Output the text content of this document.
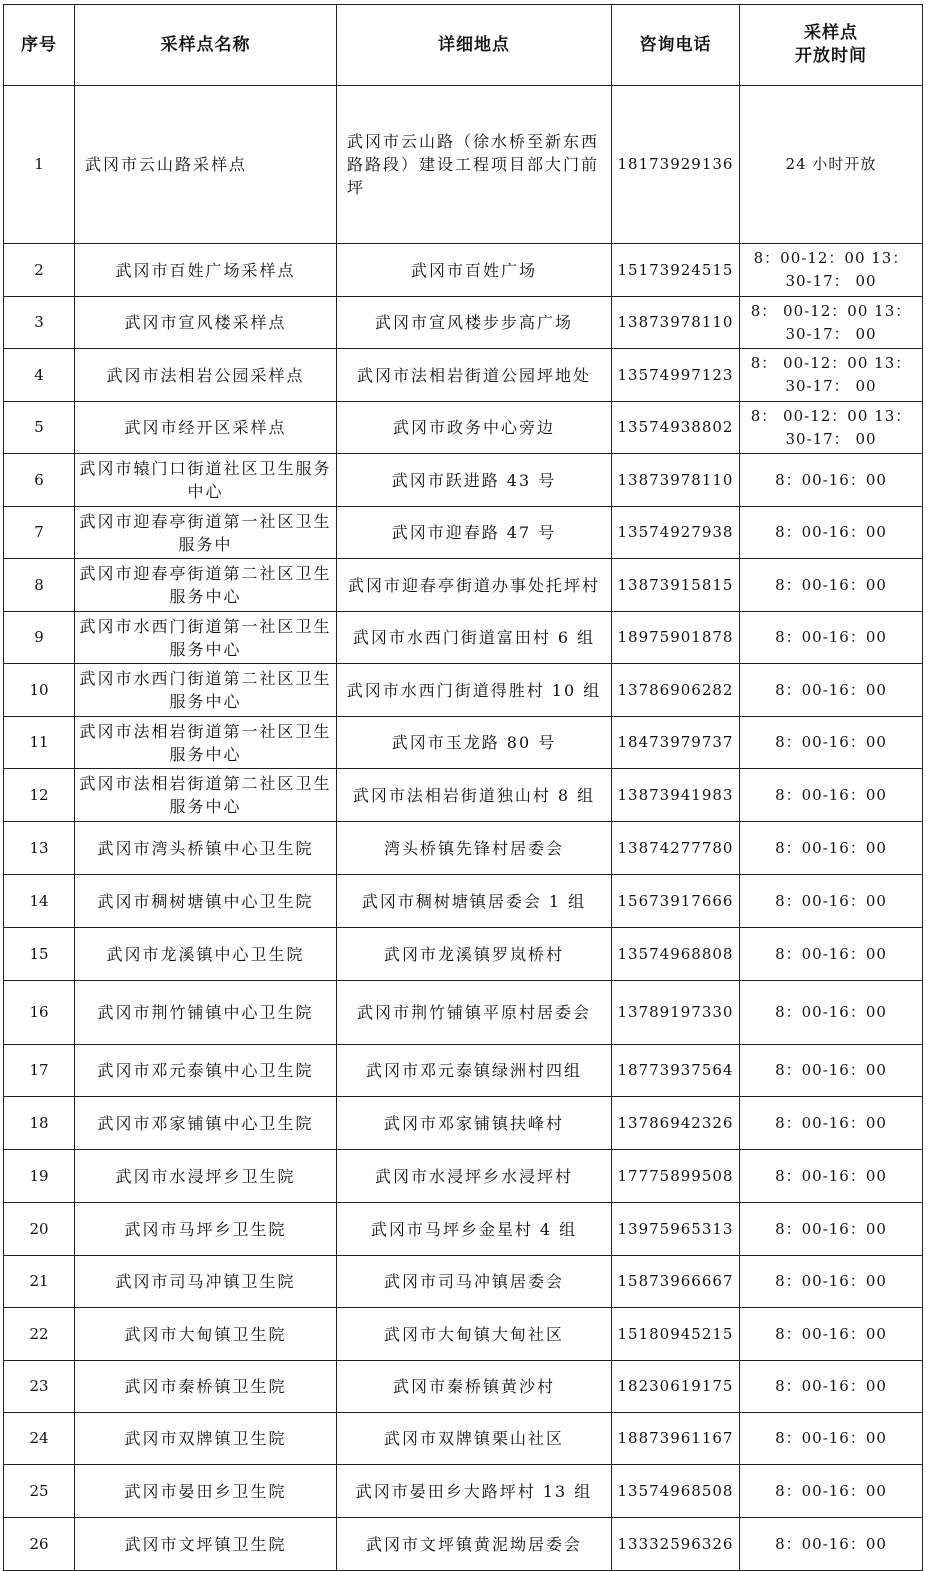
序号	采样点名称	详细地点	咨询电话	采样点
开放时间

1	武冈市云山路采样点	武冈市云山路（徐水桥至新东西路路段）建设工程项目部大门前坪	18173929136	24 小时开放
2	武冈市百姓广场采样点	武冈市百姓广场	15173924515	8：00-12：00 13：30-17： 00
3	武冈市宣风楼采样点	武冈市宣风楼步步高广场	13873978110	8： 00-12：00 13：30-17： 00
4	武冈市法相岩公园采样点	武冈市法相岩街道公园坪地处	13574997123	8： 00-12：00 13：30-17： 00
5	武冈市经开区采样点	武冈市政务中心旁边	13574938802	8： 00-12：00 13：30-17： 00
6	武冈市辕门口街道社区卫生服务中心	武冈市跃进路 43 号	13873978110	8：00-16：00
7	武冈市迎春亭街道第一社区卫生服务中	武冈市迎春路 47 号	13574927938	8：00-16：00
8	武冈市迎春亭街道第二社区卫生服务中心	武冈市迎春亭街道办事处托坪村	13873915815	8：00-16：00
9	武冈市水西门街道第一社区卫生服务中心	武冈市水西门街道富田村 6 组	18975901878	8：00-16：00
10	武冈市水西门街道第二社区卫生服务中心	武冈市水西门街道得胜村 10 组	13786906282	8：00-16：00
11	武冈市法相岩街道第一社区卫生服务中心	武冈市玉龙路 80 号	18473979737	8：00-16：00
12	武冈市法相岩街道第二社区卫生服务中心	武冈市法相岩街道独山村 8 组	13873941983	8：00-16：00
13	武冈市湾头桥镇中心卫生院	湾头桥镇先锋村居委会	13874277780	8：00-16：00
14	武冈市稠树塘镇中心卫生院	武冈市稠树塘镇居委会 1 组	15673917666	8：00-16：00
15	武冈市龙溪镇中心卫生院	武冈市龙溪镇罗岚桥村	13574968808	8：00-16：00
16	武冈市荆竹铺镇中心卫生院	武冈市荆竹铺镇平原村居委会	13789197330	8：00-16：00
17	武冈市邓元泰镇中心卫生院	武冈市邓元泰镇绿洲村四组	18773937564	8：00-16：00
18	武冈市邓家铺镇中心卫生院	武冈市邓家铺镇扶峰村	13786942326	8：00-16：00
19	武冈市水浸坪乡卫生院	武冈市水浸坪乡水浸坪村	17775899508	8：00-16：00
20	武冈市马坪乡卫生院	武冈市马坪乡金星村 4 组	13975965313	8：00-16：00
21	武冈市司马冲镇卫生院	武冈市司马冲镇居委会	15873966667	8：00-16：00
22	武冈市大甸镇卫生院	武冈市大甸镇大甸社区	15180945215	8：00-16：00
23	武冈市秦桥镇卫生院	武冈市秦桥镇黄沙村	18230619175	8：00-16：00
24	武冈市双牌镇卫生院	武冈市双牌镇栗山社区	18873961167	8：00-16：00
25	武冈市晏田乡卫生院	武冈市晏田乡大路坪村 13 组	13574968508	8：00-16：00
26	武冈市文坪镇卫生院	武冈市文坪镇黄泥坳居委会	13332596326	8：00-16：00
